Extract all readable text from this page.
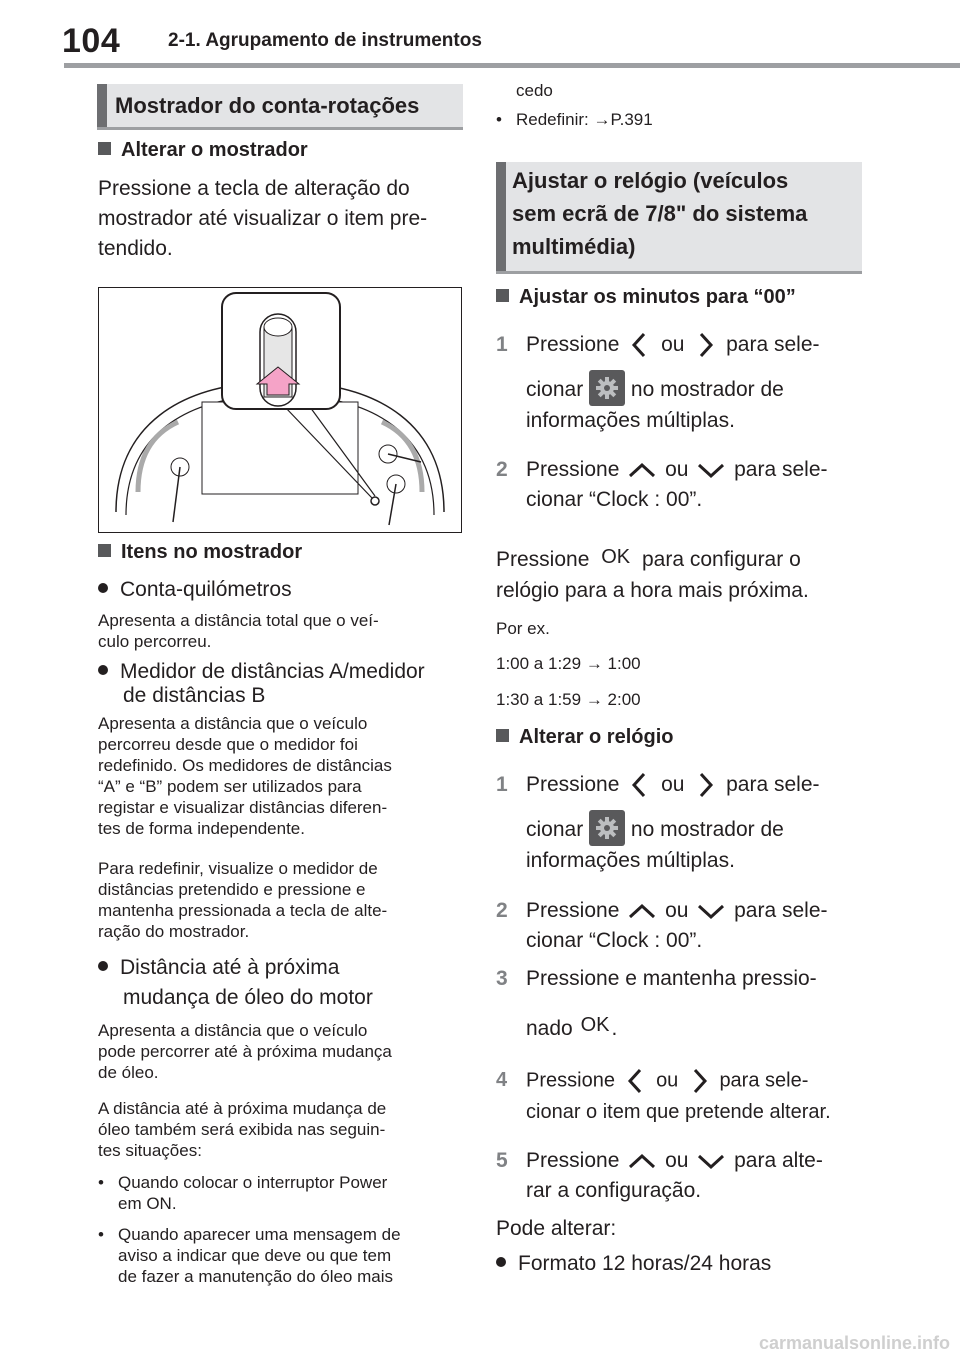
104	2-1. Agrupamento de instrumentos
Mostrador do conta-rotações
Alterar o mostrador
Pressione a tecla de alteração do
mostrador até visualizar o item pre-
tendido.
Itens no mostrador
Conta-quilómetros
Apresenta a distância total que o veí-
culo percorreu.
Medidor de distâncias A/medidor
de distâncias B
Apresenta a distância que o veículo
percorreu desde que o medidor foi
redefinido. Os medidores de distâncias
“A” e “B” podem ser utilizados para
registar e visualizar distâncias diferen-
tes de forma independente.
Para redefinir, visualize o medidor de
distâncias pretendido e pressione e
mantenha pressionada a tecla de alte-
ração do mostrador.
Distância até à próxima
mudança de óleo do motor
Apresenta a distância que o veículo
pode percorrer até à próxima mudança
de óleo.
A distância até à próxima mudança de
óleo também será exibida nas seguin-
tes situações:
• Quando colocar o interruptor Power
em ON.
• Quando aparecer uma mensagem de
aviso a indicar que deve ou que tem
de fazer a manutenção do óleo mais
cedo
• Redefinir: →P.391
Ajustar o relógio (veículos
sem ecrã de 7/8" do sistema
multimédia)
Ajustar os minutos para “00”
1 Pressione ou para sele-
cionar no mostrador de
informações múltiplas.
2 Pressione ou para sele-
cionar “Clock : 00”.
Pressione OK para configurar o
relógio para a hora mais próxima.
Por ex.
1:00 a 1:29 → 1:00
1:30 a 1:59 → 2:00
Alterar o relógio
1 Pressione ou para sele-
cionar no mostrador de
informações múltiplas.
2 Pressione ou para sele-
cionar “Clock : 00”.
3 Pressione e mantenha pressio-
nado OK.
4 Pressione ou para sele-
cionar o item que pretende alterar.
5 Pressione ou para alte-
rar a configuração.
Pode alterar:
Formato 12 horas/24 horas
carmanualsonline.info
